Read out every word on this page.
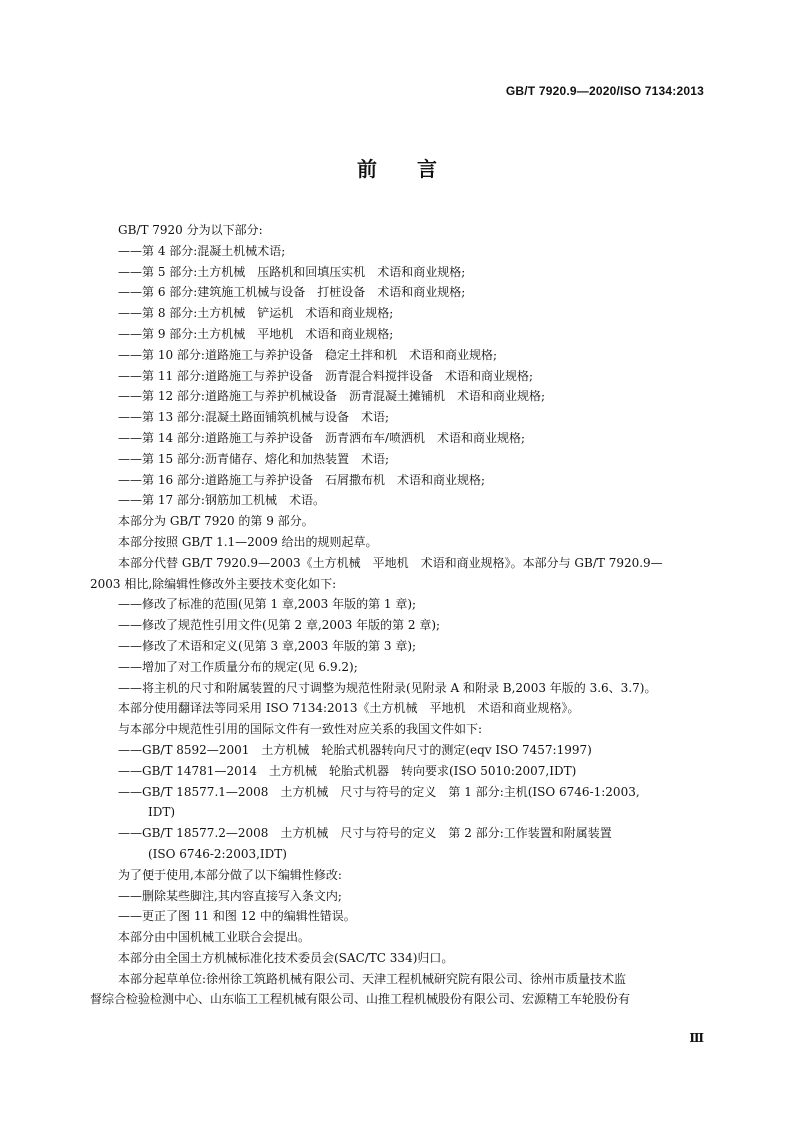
GB/T 7920.9—2020/ISO 7134:2013
前言

GB/T 7920 分为以下部分:

——第 4 部分:混凝土机械术语;

——第 5 部分:土方机械　压路机和回填压实机　术语和商业规格;

——第 6 部分:建筑施工机械与设备　打桩设备　术语和商业规格;

——第 8 部分:土方机械　铲运机　术语和商业规格;

——第 9 部分:土方机械　平地机　术语和商业规格;

——第 10 部分:道路施工与养护设备　稳定土拌和机　术语和商业规格;

——第 11 部分:道路施工与养护设备　沥青混合料搅拌设备　术语和商业规格;

——第 12 部分:道路施工与养护机械设备　沥青混凝土摊铺机　术语和商业规格;

——第 13 部分:混凝土路面铺筑机械与设备　术语;

——第 14 部分:道路施工与养护设备　沥青洒布车/喷洒机　术语和商业规格;

——第 15 部分:沥青储存、熔化和加热装置　术语;

——第 16 部分:道路施工与养护设备　石屑撒布机　术语和商业规格;

——第 17 部分:钢筋加工机械　术语。

本部分为 GB/T 7920 的第 9 部分。

本部分按照 GB/T 1.1—2009 给出的规则起草。

本部分代替 GB/T 7920.9—2003《土方机械　平地机　术语和商业规格》。本部分与 GB/T 7920.9—

2003 相比,除编辑性修改外主要技术变化如下:

——修改了标准的范围(见第 1 章,2003 年版的第 1 章);

——修改了规范性引用文件(见第 2 章,2003 年版的第 2 章);

——修改了术语和定义(见第 3 章,2003 年版的第 3 章);

——增加了对工作质量分布的规定(见 6.9.2);

——将主机的尺寸和附属装置的尺寸调整为规范性附录(见附录 A 和附录 B,2003 年版的 3.6、3.7)。

本部分使用翻译法等同采用 ISO 7134:2013《土方机械　平地机　术语和商业规格》。

与本部分中规范性引用的国际文件有一致性对应关系的我国文件如下:

——GB/T 8592—2001　土方机械　轮胎式机器转向尺寸的测定(eqv ISO 7457:1997)

——GB/T 14781—2014　土方机械　轮胎式机器　转向要求(ISO 5010:2007,IDT)

——GB/T 18577.1—2008　土方机械　尺寸与符号的定义　第 1 部分:主机(ISO 6746-1:2003,

IDT)

——GB/T 18577.2—2008　土方机械　尺寸与符号的定义　第 2 部分:工作装置和附属装置

(ISO 6746-2:2003,IDT)

为了便于使用,本部分做了以下编辑性修改:

——删除某些脚注,其内容直接写入条文内;

——更正了图 11 和图 12 中的编辑性错误。

本部分由中国机械工业联合会提出。

本部分由全国土方机械标准化技术委员会(SAC/TC 334)归口。

本部分起草单位:徐州徐工筑路机械有限公司、天津工程机械研究院有限公司、徐州市质量技术监

督综合检验检测中心、山东临工工程机械有限公司、山推工程机械股份有限公司、宏源精工车轮股份有

Ⅲ
